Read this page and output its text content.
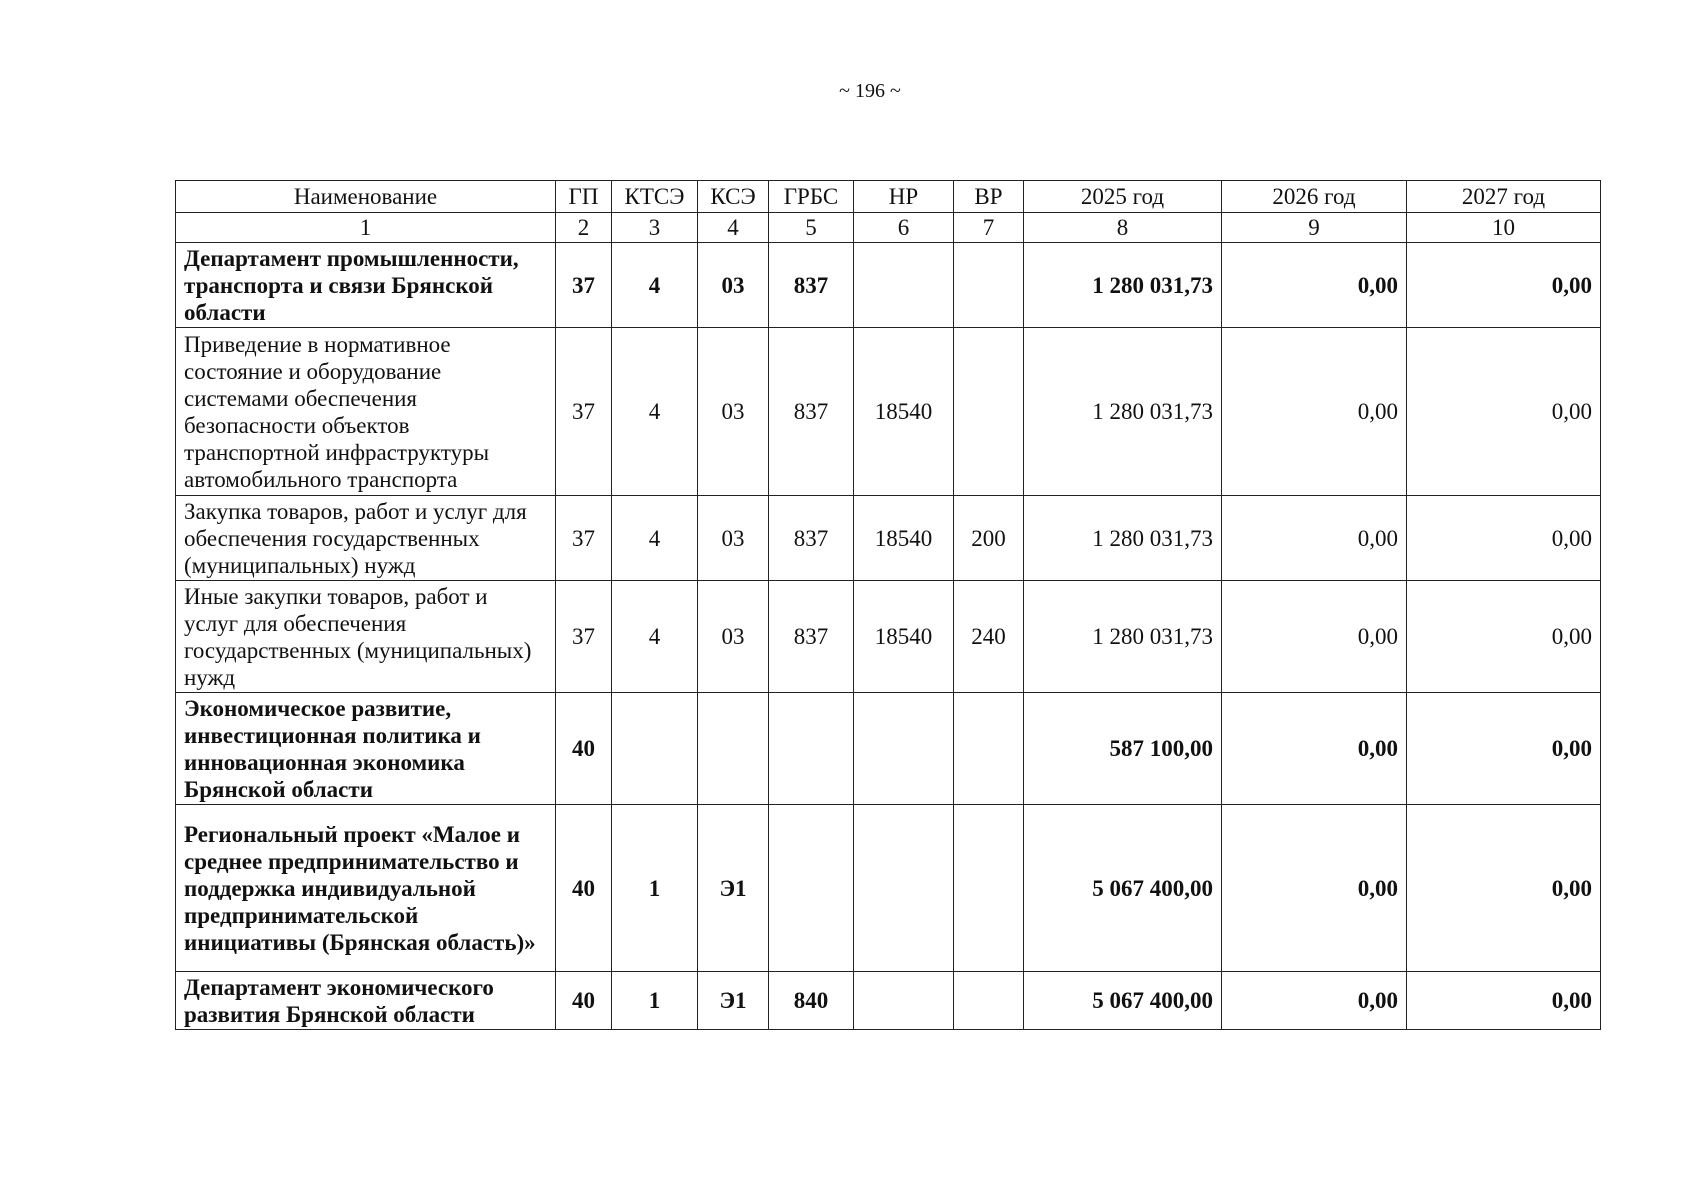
~ 196 ~
Наименование	ГП	КТСЭ	КСЭ	ГРБС	НР	ВР	2025 год	2026 год	2027 год
1	2	3	4	5	6	7	8	9	10
Департамент промышленности, транспорта и связи Брянской области	37	4	03	837			1 280 031,73	0,00	0,00
Приведение в нормативное состояние и оборудование системами обеспечения безопасности объектов транспортной инфраструктуры автомобильного транспорта	37	4	03	837	18540		1 280 031,73	0,00	0,00
Закупка товаров, работ и услуг для обеспечения государственных (муниципальных) нужд	37	4	03	837	18540	200	1 280 031,73	0,00	0,00
Иные закупки товаров, работ и услуг для обеспечения государственных (муниципальных) нужд	37	4	03	837	18540	240	1 280 031,73	0,00	0,00
Экономическое развитие, инвестиционная политика и инновационная экономика Брянской области	40						587 100,00	0,00	0,00
Региональный проект «Малое и среднее предпринимательство и поддержка индивидуальной предпринимательской инициативы (Брянская область)»	40	1	Э1				5 067 400,00	0,00	0,00
Департамент экономического развития Брянской области	40	1	Э1	840			5 067 400,00	0,00	0,00
